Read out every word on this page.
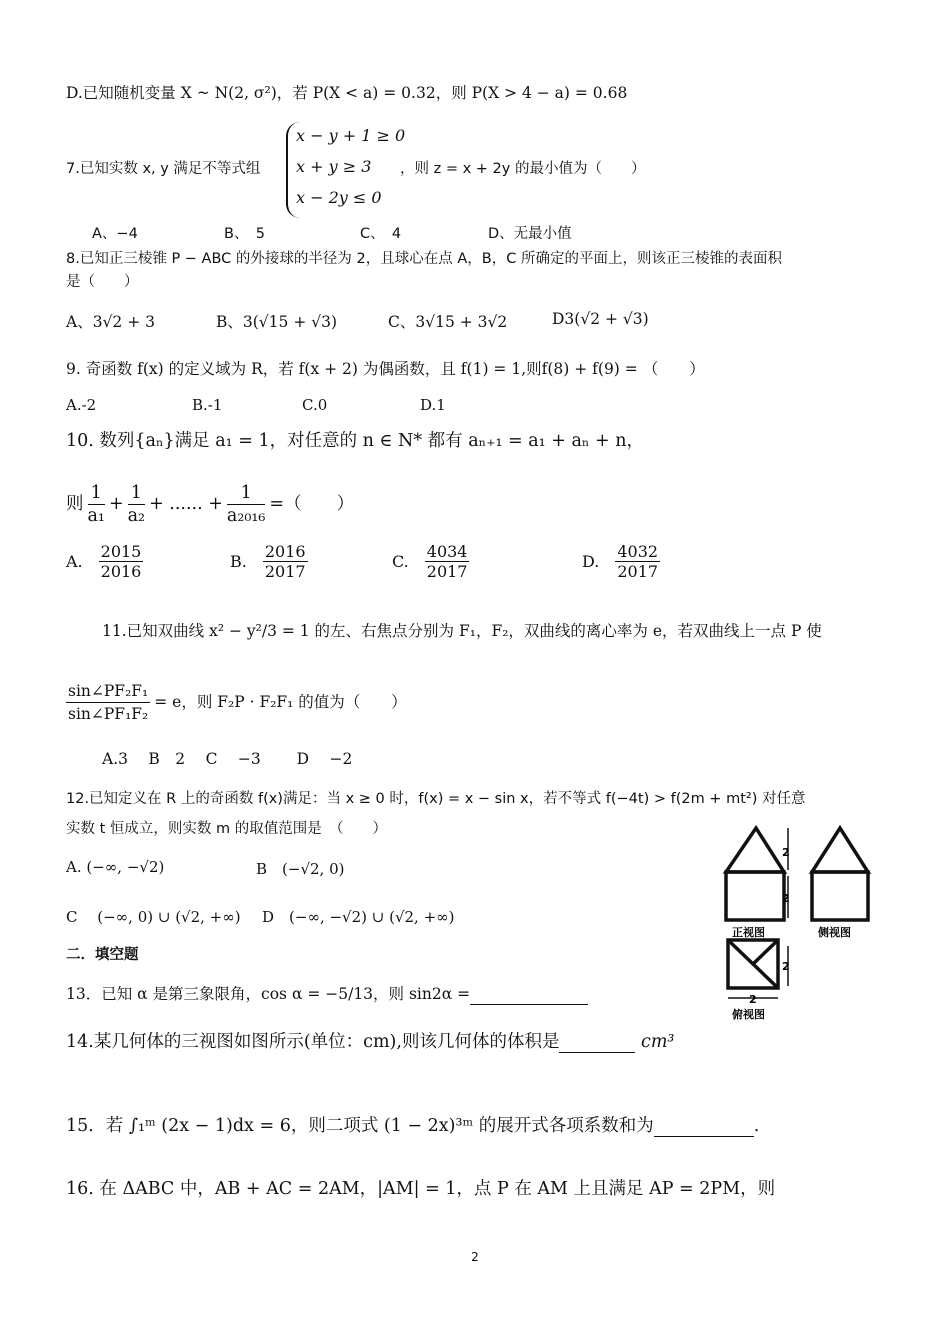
D.已知随机变量 X ~ N(2, σ²)，若 P(X < a) = 0.32，则 P(X > 4 − a) = 0.68
7.已知实数 x, y 满足不等式组
x − y + 1 ≥ 0
x + y ≥ 3
x − 2y ≤ 0
，则 z = x + 2y 的最小值为（　　）
A、−4	B、　5	C、　4	D、无最小值
8.已知正三棱锥 P − ABC 的外接球的半径为 2，且球心在点 A，B，C 所确定的平面上，则该正三棱锥的表面积
是（　　）
A、3√2 + 3	B、3(√15 + √3)	C、3√15 + 3√2	D3(√2 + √3)
9. 奇函数 f(x) 的定义域为 R，若 f(x + 2) 为偶函数，且 f(1) = 1,则f(8) + f(9) = （　　）
A.-2	B.-1	C.0	D.1
10. 数列{aₙ}满足 a₁ = 1，对任意的 n ∈ N* 都有 aₙ₊₁ = a₁ + aₙ + n，
则 $\frac{1}{\text{a₁}} + \frac{1}{\text{a₂}}$ + ...... + $\frac{1}{\text{a₂₀₁₆}}$ =（　　）
A. $\frac{2015}{2016}$	B. $\frac{2016}{2017}$	C. $\frac{4034}{2017}$	D. $\frac{4032}{2017}$
11.已知双曲线 x² − y²/3 = 1 的左、右焦点分别为 F₁，F₂，双曲线的离心率为 e，若双曲线上一点 P 使
$\frac{\text{sin∠PF₂F₁}}{\text{sin∠PF₁F₂}} = e$，则 F₂P · F₂F₁ 的值为（　　）
A.3　 B　2　 C　 −3　　 D　 −2
12.已知定义在 R 上的奇函数 f(x)满足：当 x ≥ 0 时，f(x) = x − sin x，若不等式 f(−4t) > f(2m + mt²) 对任意
实数 t 恒成立，则实数 m 的取值范围是　（　　）
A. (−∞, −√2)	B　(−√2, 0)
C　 (−∞, 0) ∪ (√2, +∞) D　(−∞, −√2) ∪ (√2, +∞)
二．填空题
13．已知 α 是第三象限角，cos α = −5/13，则 sin2α =
14.某几何体的三视图如图所示(单位：cm),则该几何体的体积是	cm³
15．若 ∫₁ᵐ (2x − 1)dx = 6，则二项式 (1 − 2x)³ᵐ 的展开式各项系数和为	.
16. 在 ΔABC 中，AB + AC = 2AM，|AM| = 1，点 P 在 AM 上且满足 AP = 2PM，则
2
2
2
2
正视图	侧视图
俯视图
2
